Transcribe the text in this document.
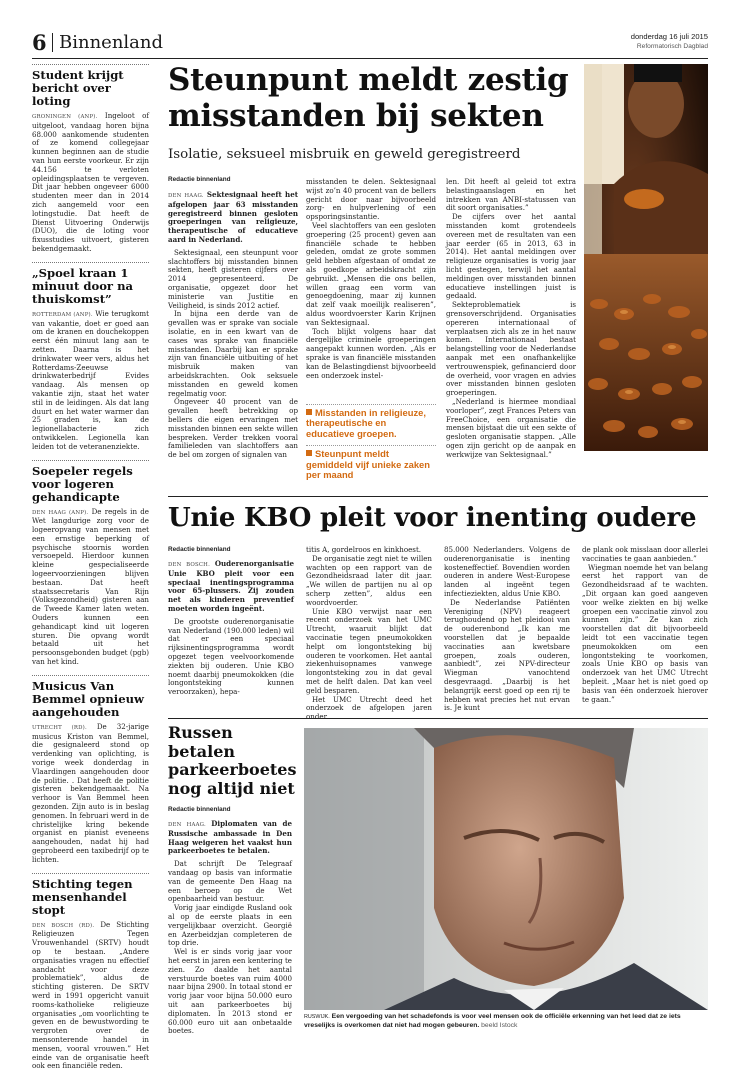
6 Binnenland	donderdag 16 juli 2015
Reformatorisch Dagblad
Student krijgt bericht over loting

GRONINGEN (ANP). Ingeloot of uitgeloot, vandaag horen bijna 68.000 aankomende studenten of ze komend collegejaar kunnen beginnen aan de studie van hun eerste voorkeur. Er zijn 44.156 te verloten opleidingsplaatsen te vergeven. Dit jaar hebben ongeveer 6000 studenten meer dan in 2014 zich aangemeld voor een lotingstudie. Dat heeft de Dienst Uitvoering Onderwijs (DUO), die de loting voor fixusstudies uitvoert, gisteren bekendgemaakt.

„Spoel kraan 1 minuut door na thuiskomst”

ROTTERDAM (ANP). Wie terugkomt van vakantie, doet er goed aan om de kranen en douchekoppen eerst één minuut lang aan te zetten. Daarna is het drinkwater weer vers, aldus het Rotterdams-Zeeuwse drinkwaterbedrijf Evides vandaag. Als mensen op vakantie zijn, staat het water stil in de leidingen. Als dat lang duurt en het water warmer dan 25 graden is, kan de legionellabacterie zich ontwikkelen. Legionella kan leiden tot de veteranenziekte.

Soepeler regels voor logeren gehandicapte

DEN HAAG (ANP). De regels in de Wet langdurige zorg voor de logeeropvang van mensen met een ernstige beperking of psychische stoornis worden versoepeld. Hierdoor kunnen kleine gespecialiseerde logeervoorzieningen blijven bestaan. Dat heeft staatssecretaris Van Rijn (Volksgezondheid) gisteren aan de Tweede Kamer laten weten. Ouders kunnen een gehandicapt kind uit logeren sturen. Die opvang wordt betaald uit het persoonsgebonden budget (pgb) van het kind.

Musicus Van Bemmel opnieuw aangehouden

UTRECHT (RD). De 32-jarige musicus Kriston van Bemmel, die gesignaleerd stond op verdenking van oplichting, is vorige week donderdag in Vlaardingen aangehouden door de politie. . Dat heeft de politie gisteren bekendgemaakt. Na verhoor is Van Bemmel heen gezonden. Zijn auto is in beslag genomen. In februari werd in de christelijke kring bekende organist en pianist eveneens aangehouden, nadat hij had geprobeerd een taxibedrijf op te lichten.

Stichting tegen mensenhandel stopt

DEN BOSCH (RD). De Stichting Religieuzen Tegen Vrouwenhandel (SRTV) houdt op te bestaan. „Andere organisaties vragen nu effectief aandacht voor deze problematiek”, aldus de stichting gisteren. De SRTV werd in 1991 opgericht vanuit rooms-katholieke religieuze organisaties „om voorlichting te geven en de bewustwording te vergroten over de mensonterende handel in mensen, vooral vrouwen.” Het einde van de organisatie heeft ook een financiële reden.

Steunpunt meldt zestig misstanden bij sekten
Isolatie, seksueel misbruik en geweld geregistreerd
Redactie binnenland

DEN HAAG. Sektesignaal heeft het afgelopen jaar 63 misstanden geregistreerd binnen gesloten groeperingen van religieuze, therapeutische of educatieve aard in Nederland.

Sektesignaal, een steunpunt voor slachtoffers bij misstanden binnen sekten, heeft gisteren cijfers over 2014 gepresenteerd. De organisatie, opgezet door het ministerie van Justitie en Veiligheid, is sinds 2012 actief.

In bijna een derde van de gevallen was er sprake van sociale isolatie, en in een kwart van de cases was sprake van financiële misstanden. Daarbij kan er sprake zijn van financiële uitbuiting of het misbruik maken van arbeidskrachten. Ook seksuele misstanden en geweld komen regelmatig voor.

Ongeveer 40 procent van de gevallen heeft betrekking op bellers die eigen ervaringen met misstanden binnen een sekte willen bespreken. Verder trekken vooral familieleden van slachtoffers aan de bel om zorgen of signalen van

misstanden te delen. Sektesignaal wijst zo’n 40 procent van de bellers gericht door naar bijvoorbeeld zorg- en hulpverlening of een opsporingsinstantie.

Veel slachtoffers van een gesloten groepering (25 procent) geven aan financiële schade te hebben geleden, omdat ze grote sommen geld hebben afgestaan of omdat ze als goedkope arbeidskracht zijn gebruikt. „Mensen die ons bellen, willen graag een vorm van genoegdoening, maar zij kunnen dat zelf vaak moeilijk realiseren”, aldus woordvoerster Karin Krijnen van Sektesignaal.

Toch blijkt volgens haar dat dergelijke criminele groeperingen aangepakt kunnen worden. „Als er sprake is van financiële misstanden kan de Belastingdienst bijvoorbeeld een onderzoek instel-

Misstanden in religieuze, therapeutische en educatieve groepen.
Steunpunt meldt gemiddeld vijf unieke zaken per maand

len. Dit heeft al geleid tot extra belastingaanslagen en het intrekken van ANBI-statussen van dit soort organisaties.”

De cijfers over het aantal misstanden komt grotendeels overeen met de resultaten van een jaar eerder (65 in 2013, 63 in 2014). Het aantal meldingen over religieuze organisaties is vorig jaar licht gestegen, terwijl het aantal meldingen over misstanden binnen educatieve instellingen juist is gedaald.

Sekteproblematiek is grensoverschrijdend. Organisaties opereren internationaal of verplaatsen zich als ze in het nauw komen. Internationaal bestaat belangstelling voor de Nederlandse aanpak met een onafhankelijke vertrouwenspiek, gefinancierd door de overheid, voor vragen en advies over misstanden binnen gesloten groeperingen.

„Nederland is hiermee mondiaal voorloper”, zegt Frances Peters van FreeChoice, een organisatie die mensen bijstaat die uit een sekte of gesloten organisatie stappen. „Alle ogen zijn gericht op de aanpak en werkwijze van Sektesignaal.”

Unie KBO pleit voor inenting oudere
Redactie binnenland

DEN BOSCH. Ouderenorganisatie Unie KBO pleit voor een speciaal inentingsprogramma voor 65-plussers. Zij zouden net als kinderen preventief moeten worden ingeënt.

De grootste ouderenorganisatie van Nederland (190.000 leden) wil dat er een speciaal rijksinentingsprogramma wordt opgezet tegen veelvoorkomende ziekten bij ouderen. Unie KBO noemt daarbij pneumokokken (die longontsteking kunnen veroorzaken), hepa-

titis A, gordelroos en kinkhoest.

De organisatie zegt niet te willen wachten op een rapport van de Gezondheidsraad later dit jaar. „We willen de partijen nu al op scherp zetten”, aldus een woordvoerder.

Unie KBO verwijst naar een recent onderzoek van het UMC Utrecht, waaruit blijkt dat vaccinatie tegen pneumokokken helpt om longontsteking bij ouderen te voorkomen. Het aantal ziekenhuisopnames vanwege longontsteking zou in dat geval met de helft dalen. Dat kan veel geld besparen.

Het UMC Utrecht deed het onderzoek de afgelopen jaren onder

85.000 Nederlanders. Volgens de ouderenorganisatie is inenting kosteneffectief. Bovendien worden ouderen in andere West-Europese landen al ingeënt tegen infectieziekten, aldus Unie KBO.

De Nederlandse Patiënten Vereniging (NPV) reageert terughoudend op het pleidooi van de ouderenbond „Ik kan me voorstellen dat je bepaalde vaccinaties aan kwetsbare groepen, zoals ouderen, aanbiedt”, zei NPV-directeur Wiegman vanochtend desgevraagd. „Daarbij is het belangrijk eerst goed op een rij te hebben wat precies het nut ervan is. Je kunt

de plank ook misslaan door allerlei vaccinaties te gaan aanbieden.”

Wiegman noemde het van belang eerst het rapport van de Gezondheidsraad af te wachten. „Dit orgaan kan goed aangeven voor welke ziekten en bij welke groepen een vaccinatie zinvol zou kunnen zijn.” Ze kan zich voorstellen dat dit bijvoorbeeld leidt tot een vaccinatie tegen pneumokokken om een longontsteking te voorkomen, zoals Unie KBO op basis van onderzoek van het UMC Utrecht bepleit. „Maar het is niet goed op basis van één onderzoek hierover te gaan.”

Russen betalen parkeerboetes nog altijd niet
Redactie binnenland

DEN HAAG. Diplomaten van de Russische ambassade in Den Haag weigeren het vaakst hun parkeerboetes te betalen.

Dat schrijft De Telegraaf vandaag op basis van informatie van de gemeente Den Haag na een beroep op de Wet openbaarheid van bestuur.

Vorig jaar eindigde Rusland ook al op de eerste plaats in een vergelijkbaar overzicht. Georgië en Azerbeidzjan completeren de top drie.

Wel is er sinds vorig jaar voor het eerst in jaren een kentering te zien. Zo daalde het aantal verstuurde boetes van ruim 4000 naar bijna 2900. In totaal stond er vorig jaar voor bijna 50.000 euro uit aan parkeerboetes bij diplomaten. In 2013 stond er 60.000 euro uit aan onbetaalde boetes.

RUSWIJK. Een vergoeding van het schadefonds is voor veel mensen ook de officiële erkenning van het leed dat ze iets vreselijks is overkomen dat niet had mogen gebeuren. beeld Istock
